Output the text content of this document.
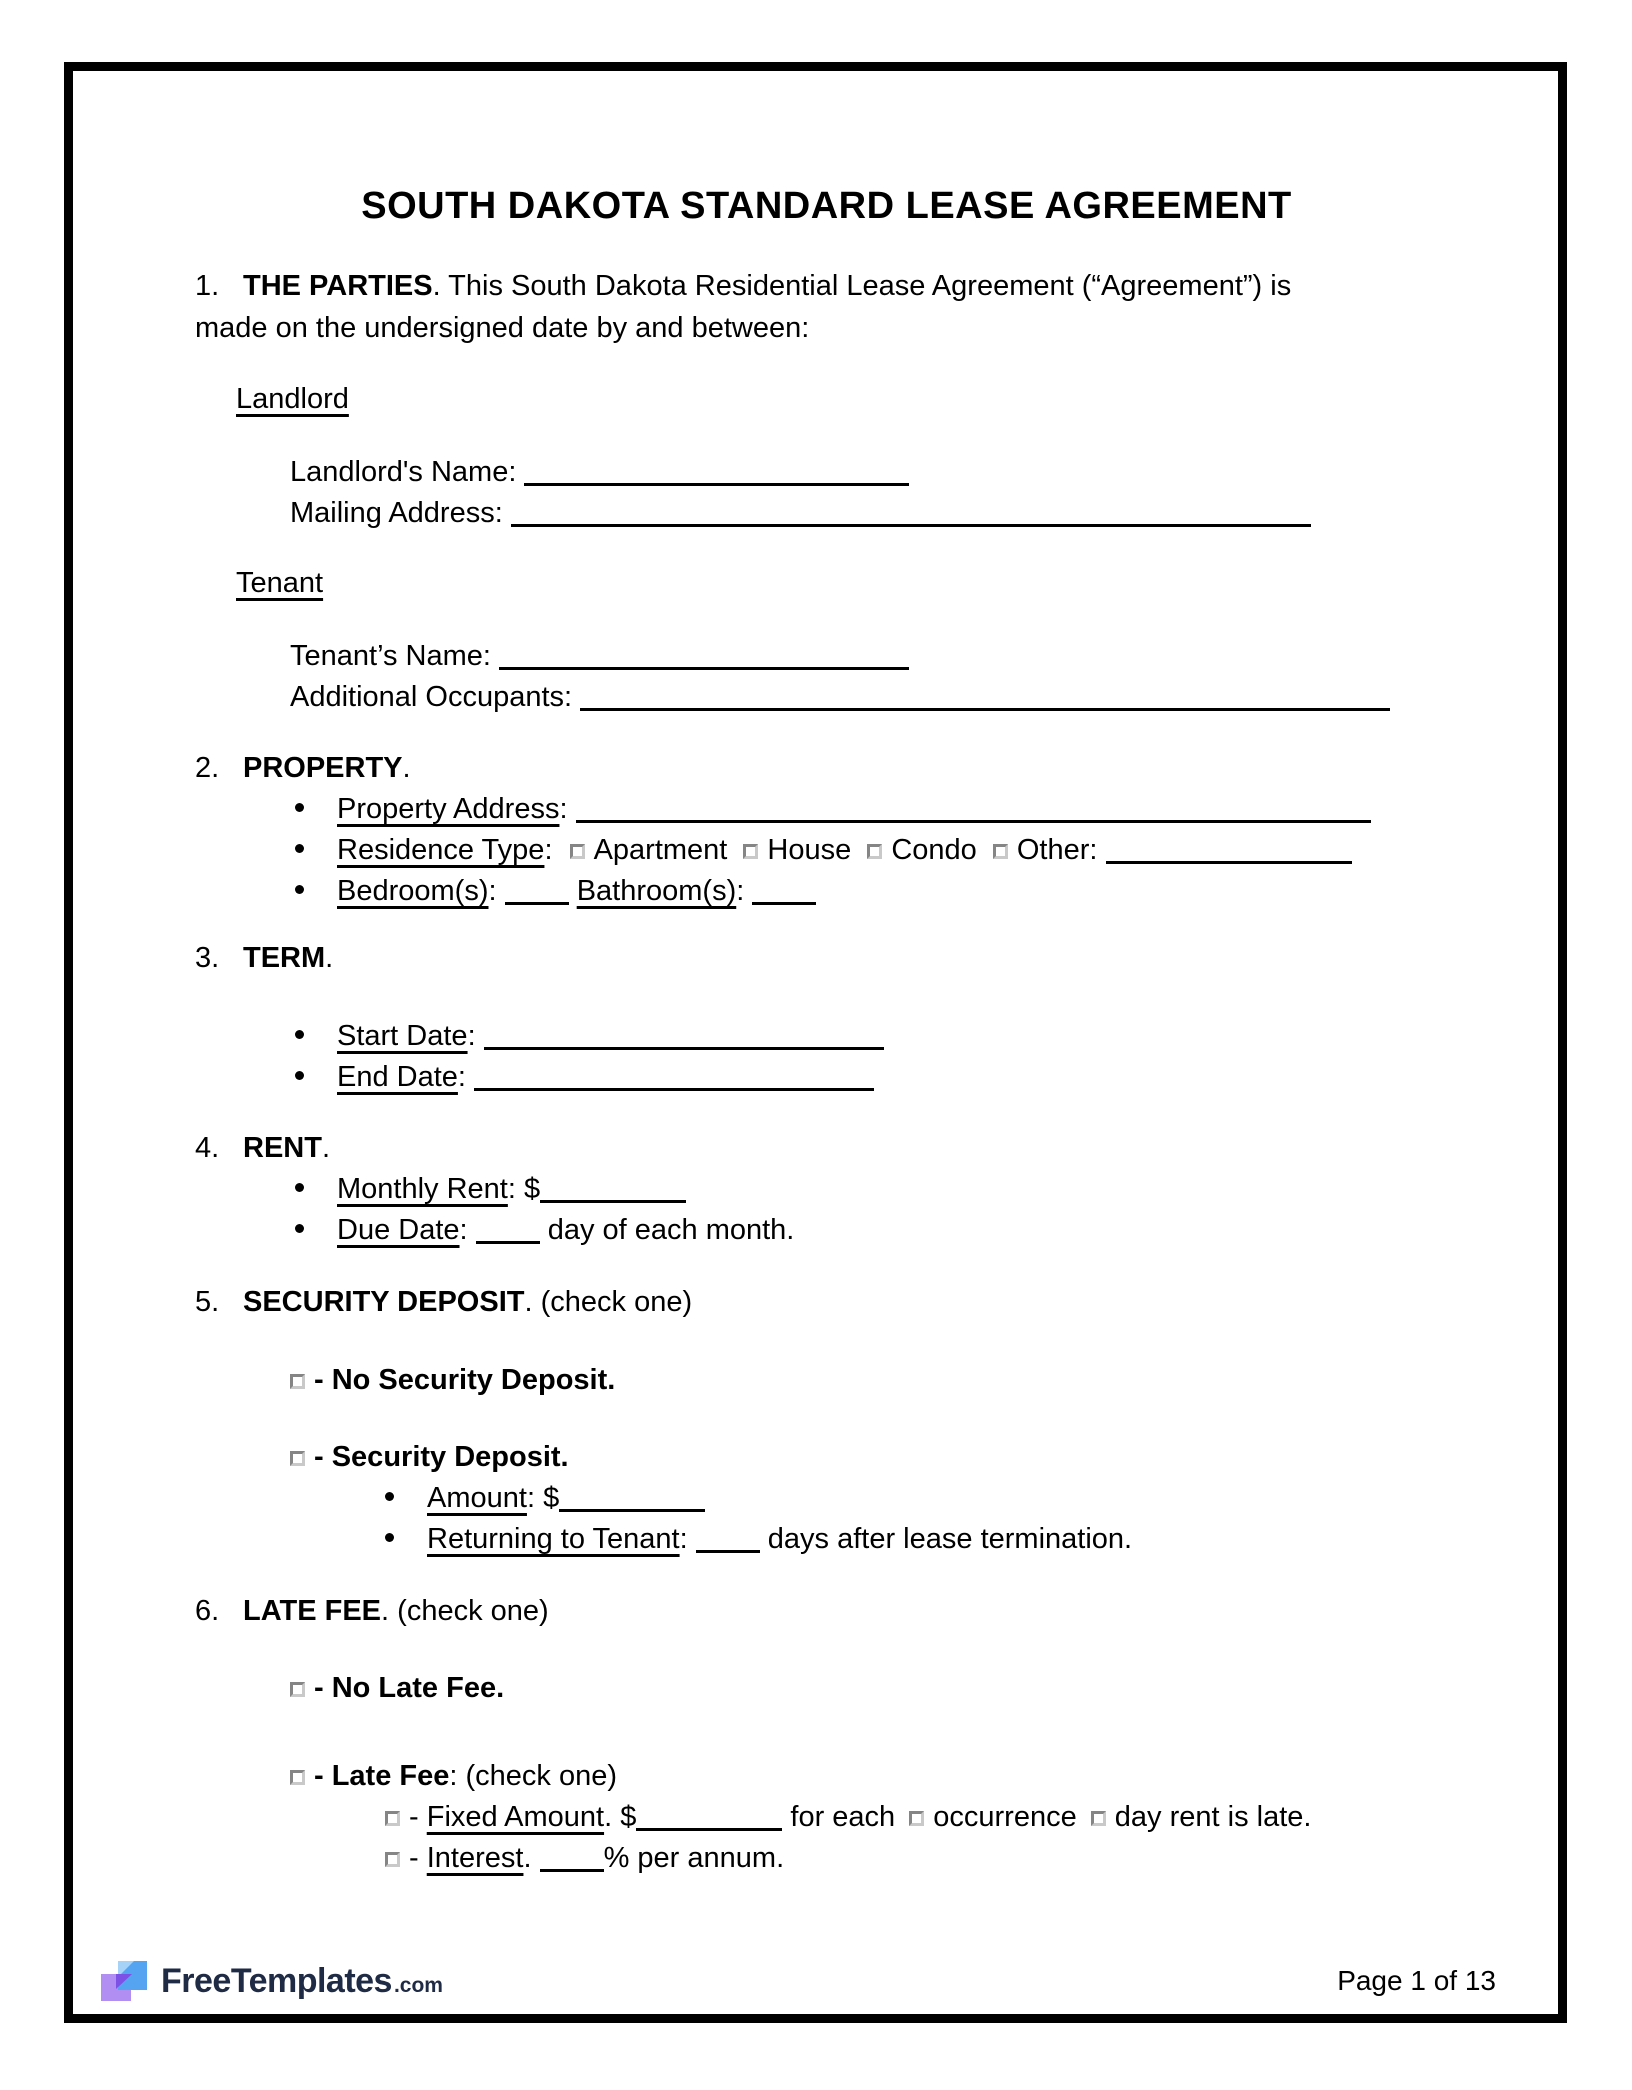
SOUTH DAKOTA STANDARD LEASE AGREEMENT
1. THE PARTIES. This South Dakota Residential Lease Agreement (“Agreement”) is
made on the undersigned date by and between:
Landlord
Landlord's Name:
Mailing Address:
Tenant
Tenant’s Name:
Additional Occupants:
2. PROPERTY.
Property Address:
Residence Type: Apartment House Condo Other:
Bedroom(s):	Bathroom(s):
3. TERM.
Start Date:
End Date:
4. RENT.
Monthly Rent: $
Due Date:	day of each month.
5. SECURITY DEPOSIT. (check one)
- No Security Deposit.
- Security Deposit.
Amount: $
Returning to Tenant:	days after lease termination.
6. LATE FEE. (check one)
- No Late Fee.
- Late Fee: (check one)
- Fixed Amount. $	for each occurrence day rent is late.
- Interest. % per annum.
FreeTemplates .com	Page 1 of 13
